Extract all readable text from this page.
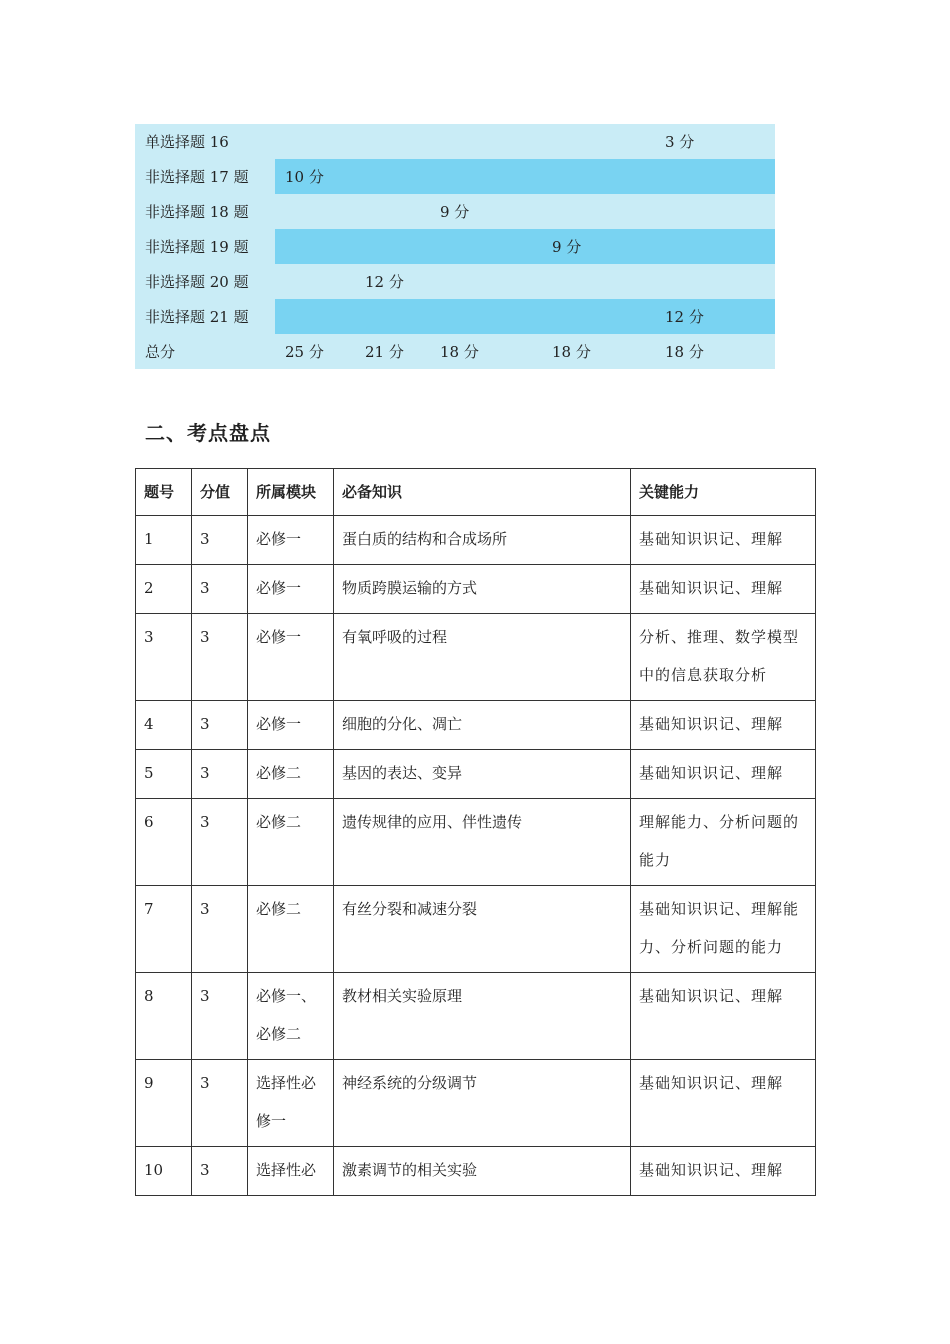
单选择题 16					3 分
非选择题 17 题	10 分				
非选择题 18 题			9 分		
非选择题 19 题				9 分	
非选择题 20 题		12 分			
非选择题 21 题					12 分
总分	25 分	21 分	18 分	18 分	18 分
二、考点盘点
题号	分值	所属模块	必备知识	关键能力
1	3	必修一	蛋白质的结构和合成场所	基础知识识记、理解
2	3	必修一	物质跨膜运输的方式	基础知识识记、理解
3	3	必修一	有氧呼吸的过程	分析、推理、数学模型中的信息获取分析
4	3	必修一	细胞的分化、凋亡	基础知识识记、理解
5	3	必修二	基因的表达、变异	基础知识识记、理解
6	3	必修二	遗传规律的应用、伴性遗传	理解能力、分析问题的能力
7	3	必修二	有丝分裂和减速分裂	基础知识识记、理解能力、分析问题的能力
8	3	必修一、必修二	教材相关实验原理	基础知识识记、理解
9	3	选择性必修一	神经系统的分级调节	基础知识识记、理解
10	3	选择性必	激素调节的相关实验	基础知识识记、理解
